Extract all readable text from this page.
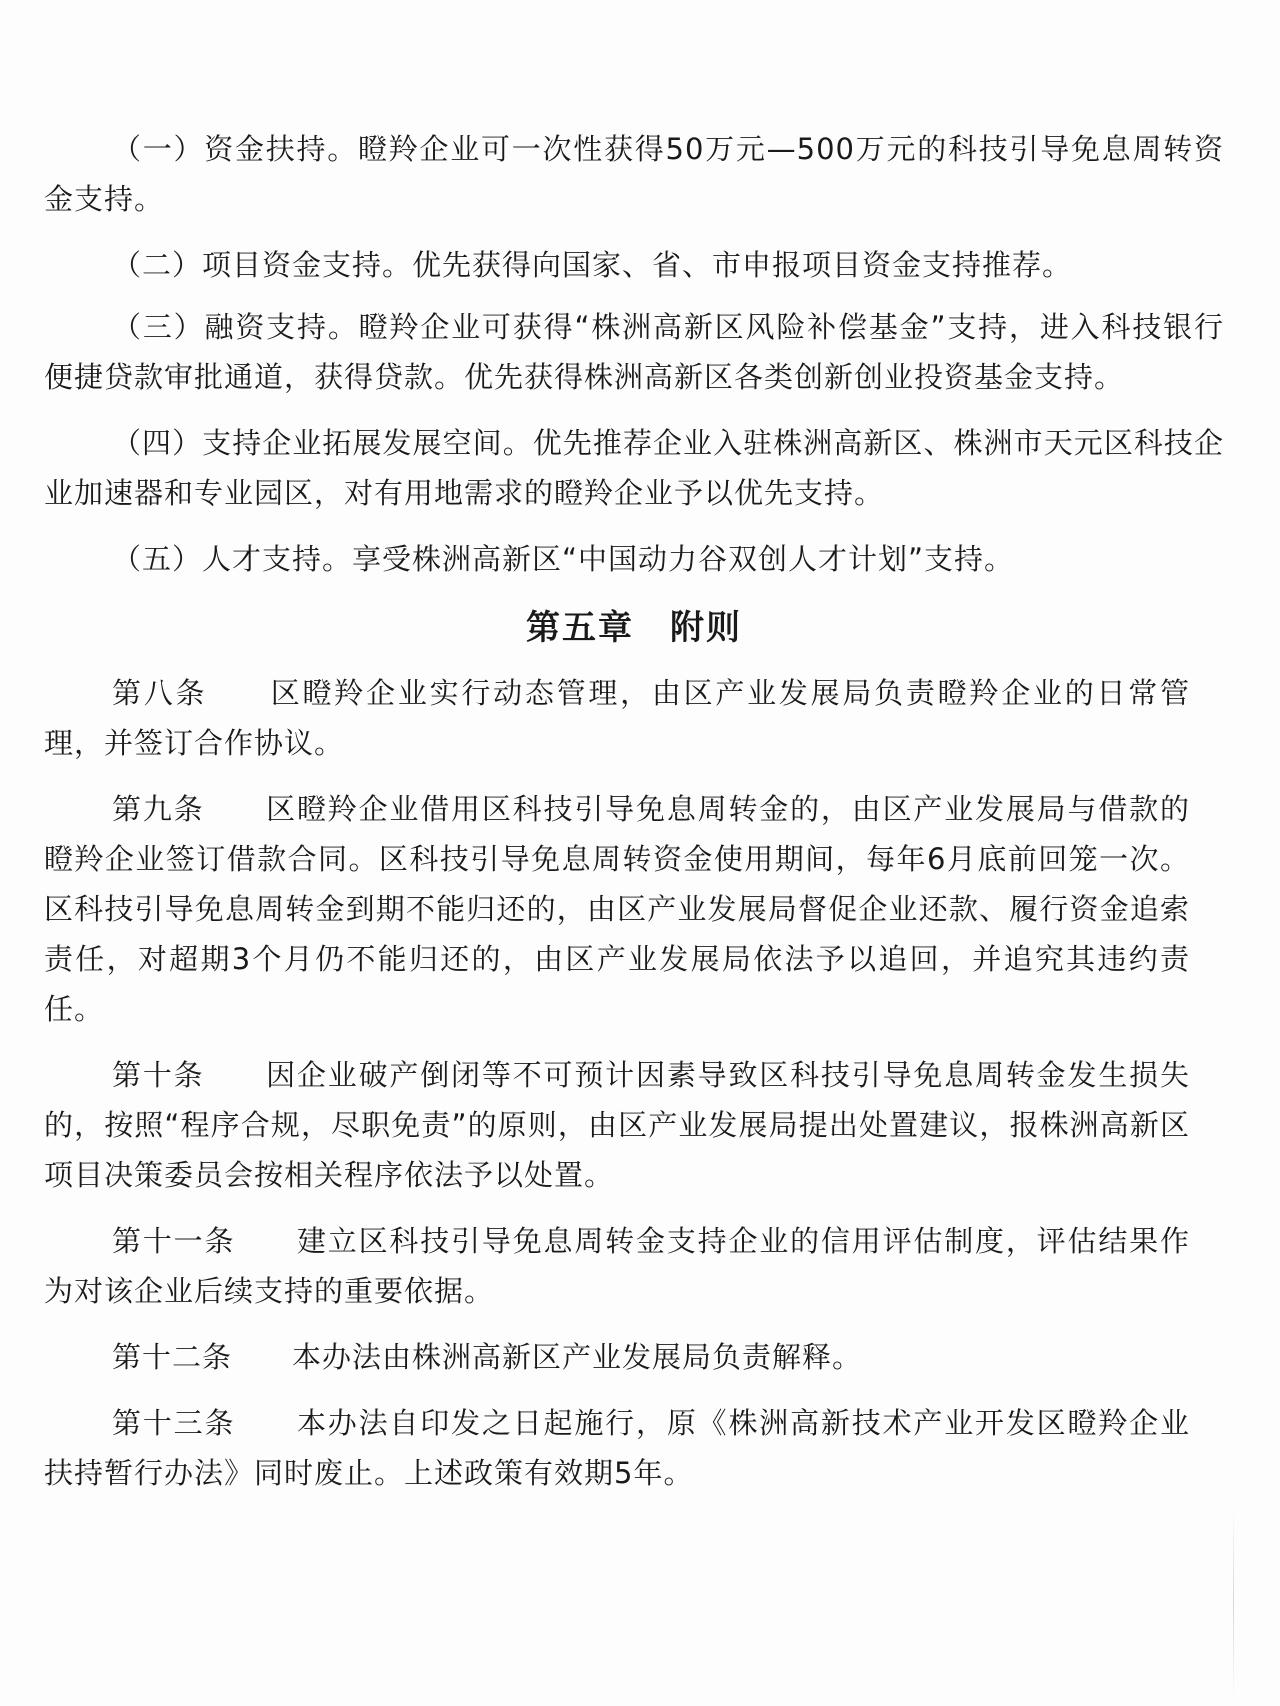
（一）资金扶持。瞪羚企业可一次性获得50万元—500万元的科技引导免息周转资金支持。

（二）项目资金支持。优先获得向国家、省、市申报项目资金支持推荐。

（三）融资支持。瞪羚企业可获得“株洲高新区风险补偿基金”支持，进入科技银行便捷贷款审批通道，获得贷款。优先获得株洲高新区各类创新创业投资基金支持。

（四）支持企业拓展发展空间。优先推荐企业入驻株洲高新区、株洲市天元区科技企业加速器和专业园区，对有用地需求的瞪羚企业予以优先支持。

（五）人才支持。享受株洲高新区“中国动力谷双创人才计划”支持。

第五章 附则

第八条　　 区瞪羚企业实行动态管理，由区产业发展局负责瞪羚企业的日常管理，并签订合作协议。

第九条　　 区瞪羚企业借用区科技引导免息周转金的，由区产业发展局与借款的瞪羚企业签订借款合同。区科技引导免息周转资金使用期间，每年6月底前回笼一次。区科技引导免息周转金到期不能归还的，由区产业发展局督促企业还款、履行资金追索责任，对超期3个月仍不能归还的，由区产业发展局依法予以追回，并追究其违约责任。

第十条　　 因企业破产倒闭等不可预计因素导致区科技引导免息周转金发生损失的，按照“程序合规，尽职免责”的原则，由区产业发展局提出处置建议，报株洲高新区项目决策委员会按相关程序依法予以处置。

第十一条　　 建立区科技引导免息周转金支持企业的信用评估制度，评估结果作为对该企业后续支持的重要依据。

第十二条　　 本办法由株洲高新区产业发展局负责解释。

第十三条　　 本办法自印发之日起施行，原《株洲高新技术产业开发区瞪羚企业扶持暂行办法》同时废止。上述政策有效期5年。
